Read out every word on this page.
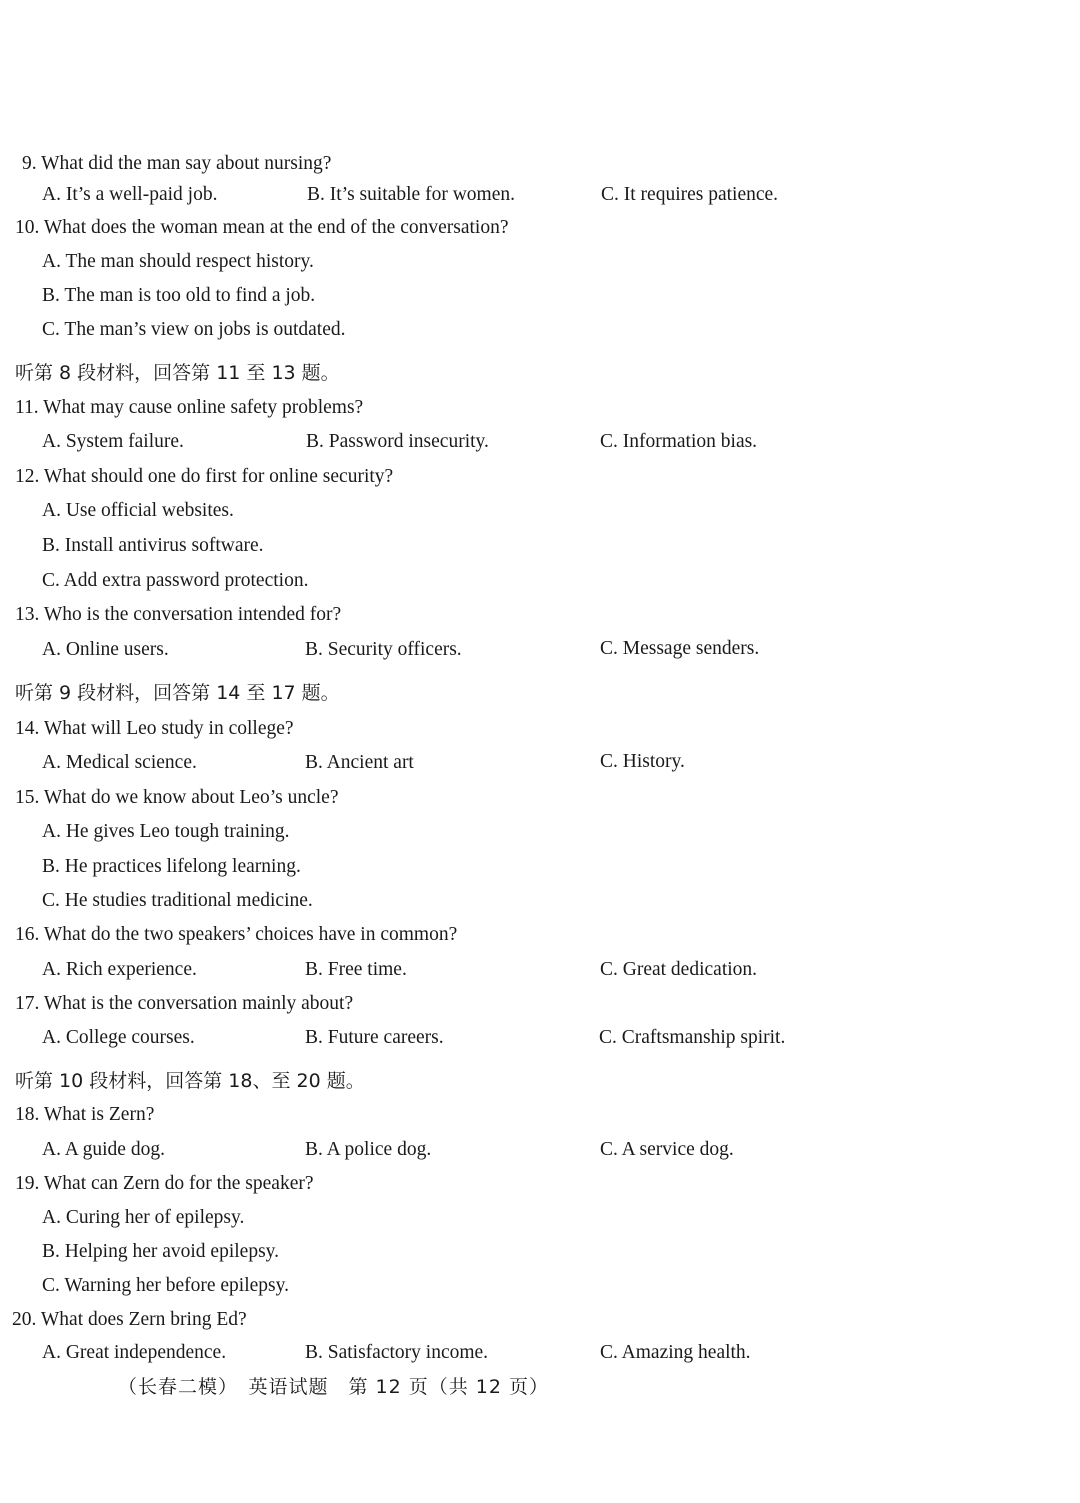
9. What did the man say about nursing?
A. It’s a well-paid job.	B. It’s suitable for women.	C. It requires patience.
10. What does the woman mean at the end of the conversation?
A. The man should respect history.
B. The man is too old to find a job.
C. The man’s view on jobs is outdated.
听第 8 段材料，回答第 11 至 13 题。
11. What may cause online safety problems?
A. System failure.	B. Password insecurity.	C. Information bias.
12. What should one do first for online security?
A. Use official websites.
B. Install antivirus software.
C. Add extra password protection.
13. Who is the conversation intended for?
A. Online users.	B. Security officers.	C. Message senders.
听第 9 段材料，回答第 14 至 17 题。
14. What will Leo study in college?
A. Medical science.	B. Ancient art	C. History.
15. What do we know about Leo’s uncle?
A. He gives Leo tough training.
B. He practices lifelong learning.
C. He studies traditional medicine.
16. What do the two speakers’ choices have in common?
A. Rich experience.	B. Free time.	C. Great dedication.
17. What is the conversation mainly about?
A. College courses.	B. Future careers.	C. Craftsmanship spirit.
听第 10 段材料，回答第 18、至 20 题。
18. What is Zern?
A. A guide dog.	B. A police dog.	C. A service dog.
19. What can Zern do for the speaker?
A. Curing her of epilepsy.
B. Helping her avoid epilepsy.
C. Warning her before epilepsy.
20. What does Zern bring Ed?
A. Great independence.	B. Satisfactory income.	C. Amazing health.
（长春二模）　英语试题　第 12 页（共 12 页）
